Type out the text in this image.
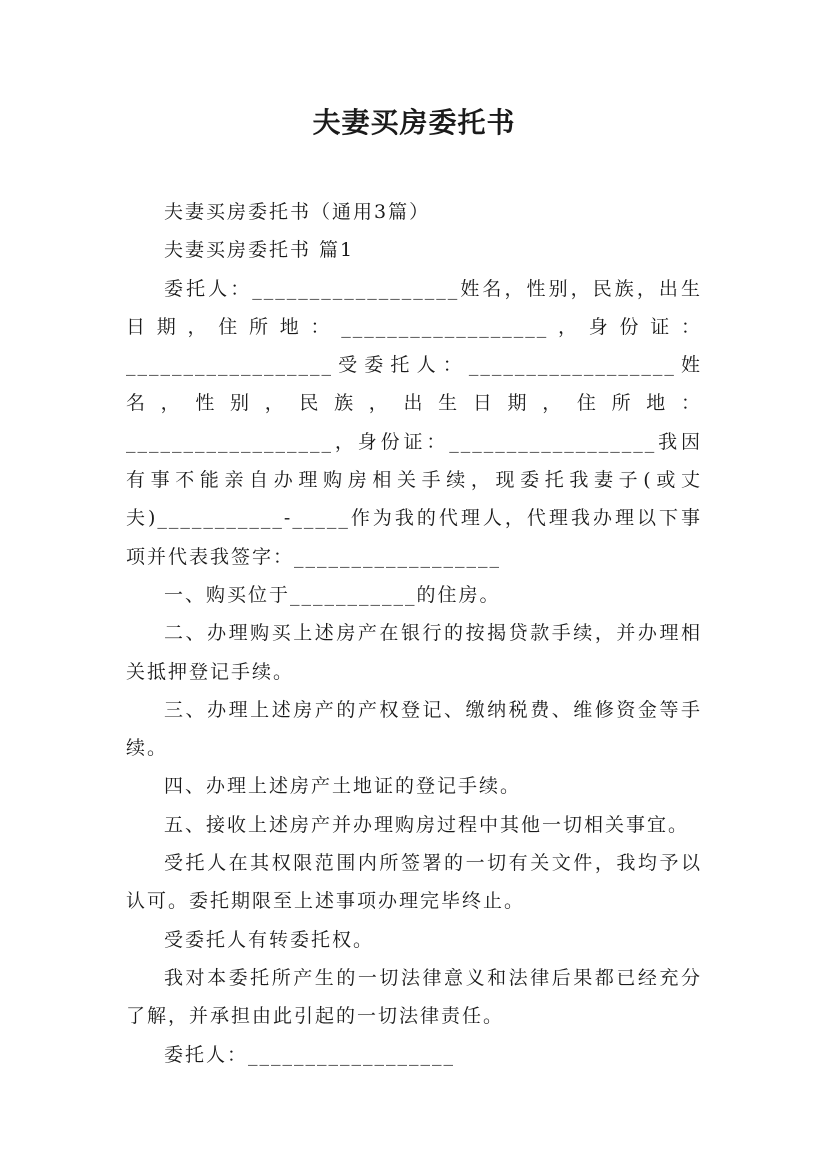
夫妻买房委托书

夫妻买房委托书（通用3篇）

夫妻买房委托书 篇1

委托人：__________________姓名，性别，民族，出生日期，住所地：__________________，身份证：__________________受委托人：__________________姓名，性别，民族，出生日期，住所地：__________________，身份证：__________________我因有事不能亲自办理购房相关手续，现委托我妻子(或丈夫)___________-_____作为我的代理人，代理我办理以下事项并代表我签字：__________________

一、购买位于___________的住房。

二、办理购买上述房产在银行的按揭贷款手续，并办理相关抵押登记手续。

三、办理上述房产的产权登记、缴纳税费、维修资金等手续。

四、办理上述房产土地证的登记手续。

五、接收上述房产并办理购房过程中其他一切相关事宜。

受托人在其权限范围内所签署的一切有关文件，我均予以认可。委托期限至上述事项办理完毕终止。

受委托人有转委托权。

我对本委托所产生的一切法律意义和法律后果都已经充分了解，并承担由此引起的一切法律责任。

委托人：__________________
